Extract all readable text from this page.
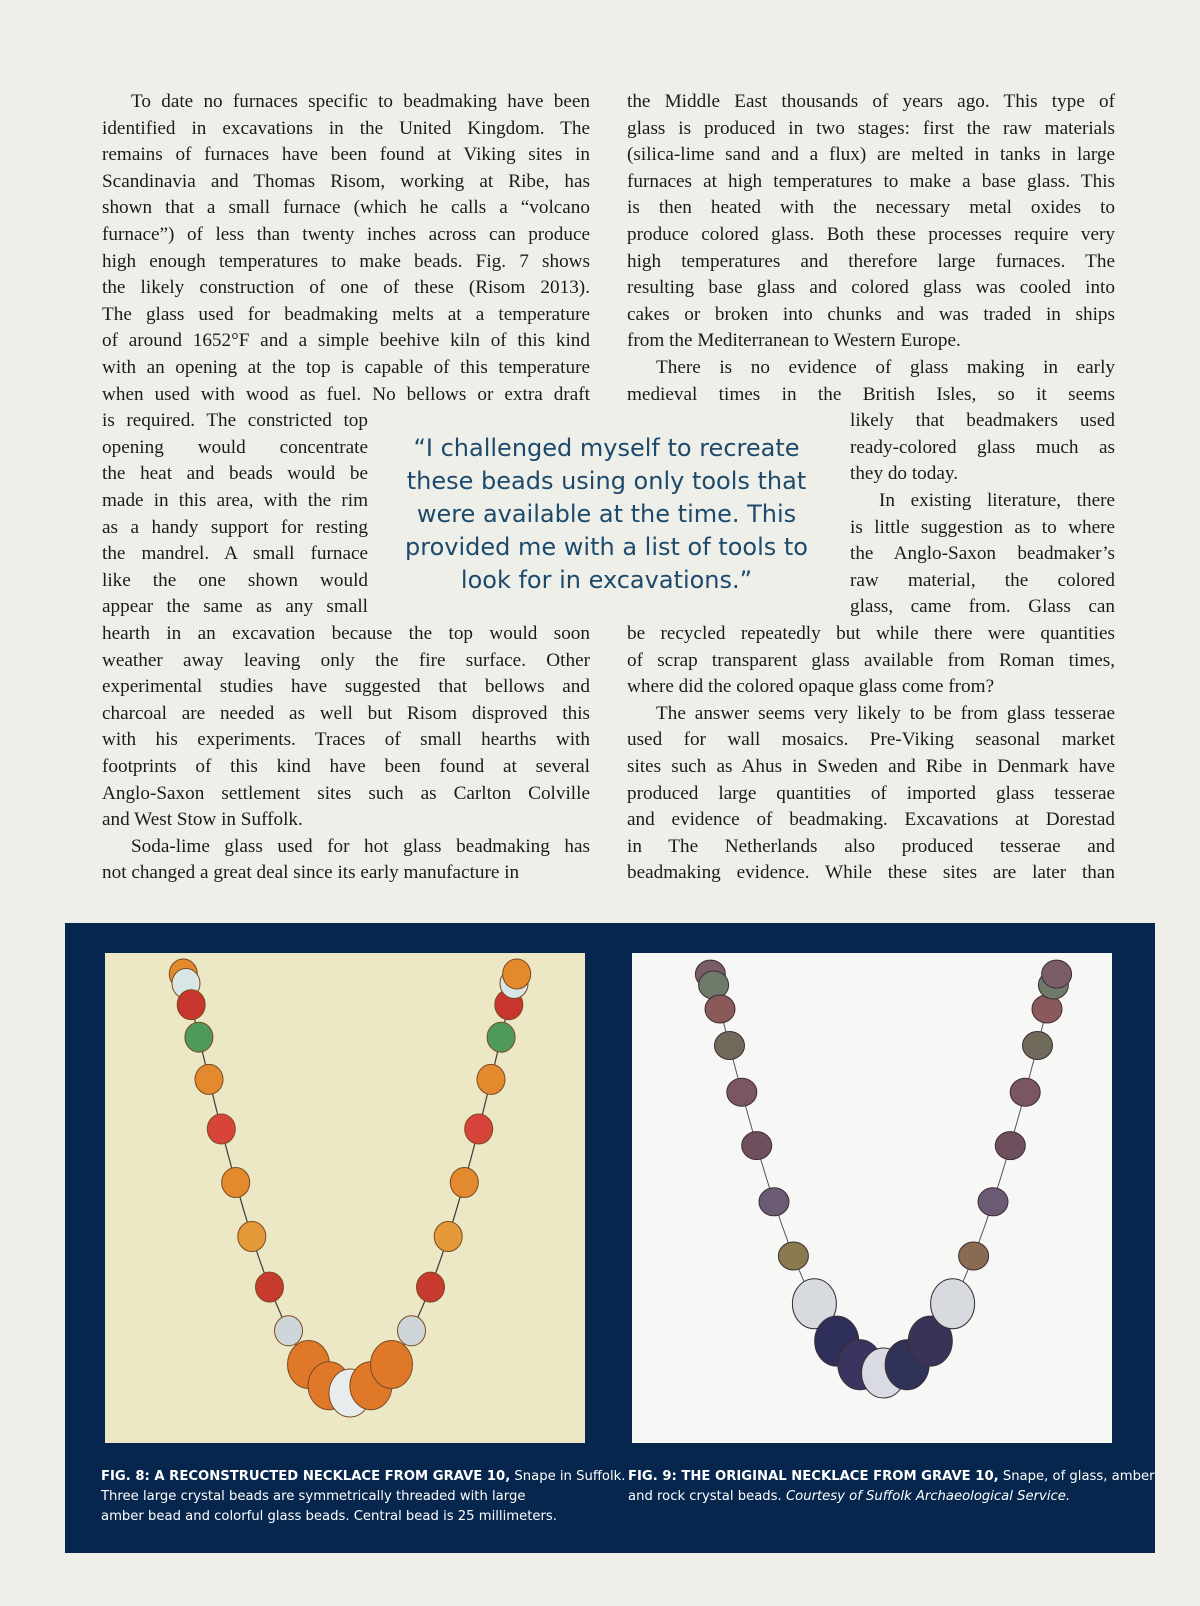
To date no furnaces specific to beadmaking have been
identified in excavations in the United Kingdom. The
remains of furnaces have been found at Viking sites in
Scandinavia and Thomas Risom, working at Ribe, has
shown that a small furnace (which he calls a “volcano
furnace”) of less than twenty inches across can produce
high enough temperatures to make beads. Fig. 7 shows
the likely construction of one of these (Risom 2013).
The glass used for beadmaking melts at a temperature
of around 1652°F and a simple beehive kiln of this kind
with an opening at the top is capable of this temperature
when used with wood as fuel. No bellows or extra draft
is required. The constricted top
opening would concentrate
the heat and beads would be
made in this area, with the rim
as a handy support for resting
the mandrel. A small furnace
like the one shown would
appear the same as any small
hearth in an excavation because the top would soon
weather away leaving only the fire surface. Other
experimental studies have suggested that bellows and
charcoal are needed as well but Risom disproved this
with his experiments. Traces of small hearths with
footprints of this kind have been found at several
Anglo-Saxon settlement sites such as Carlton Colville
and West Stow in Suffolk.
Soda-lime glass used for hot glass beadmaking has
not changed a great deal since its early manufacture in
the Middle East thousands of years ago. This type of
glass is produced in two stages: first the raw materials
(silica-lime sand and a flux) are melted in tanks in large
furnaces at high temperatures to make a base glass. This
is then heated with the necessary metal oxides to
produce colored glass. Both these processes require very
high temperatures and therefore large furnaces. The
resulting base glass and colored glass was cooled into
cakes or broken into chunks and was traded in ships
from the Mediterranean to Western Europe.
There is no evidence of glass making in early
medieval times in the British Isles, so it seems
likely that beadmakers used
ready-colored glass much as
they do today.
In existing literature, there
is little suggestion as to where
the Anglo-Saxon beadmaker’s
raw material, the colored
glass, came from. Glass can
be recycled repeatedly but while there were quantities
of scrap transparent glass available from Roman times,
where did the colored opaque glass come from?
The answer seems very likely to be from glass tesserae
used for wall mosaics. Pre-Viking seasonal market
sites such as Ahus in Sweden and Ribe in Denmark have
produced large quantities of imported glass tesserae
and evidence of beadmaking. Excavations at Dorestad
in The Netherlands also produced tesserae and
beadmaking evidence. While these sites are later than
“I challenged myself to recreate
these beads using only tools that
were available at the time. This
provided me with a list of tools to
look for in excavations.”
FIG. 8: A RECONSTRUCTED NECKLACE FROM GRAVE 10, Snape in Suffolk.
Three large crystal beads are symmetrically threaded with large
amber bead and colorful glass beads. Central bead is 25 millimeters.
FIG. 9: THE ORIGINAL NECKLACE FROM GRAVE 10, Snape, of glass, amber
and rock crystal beads. Courtesy of Suffolk Archaeological Service.
